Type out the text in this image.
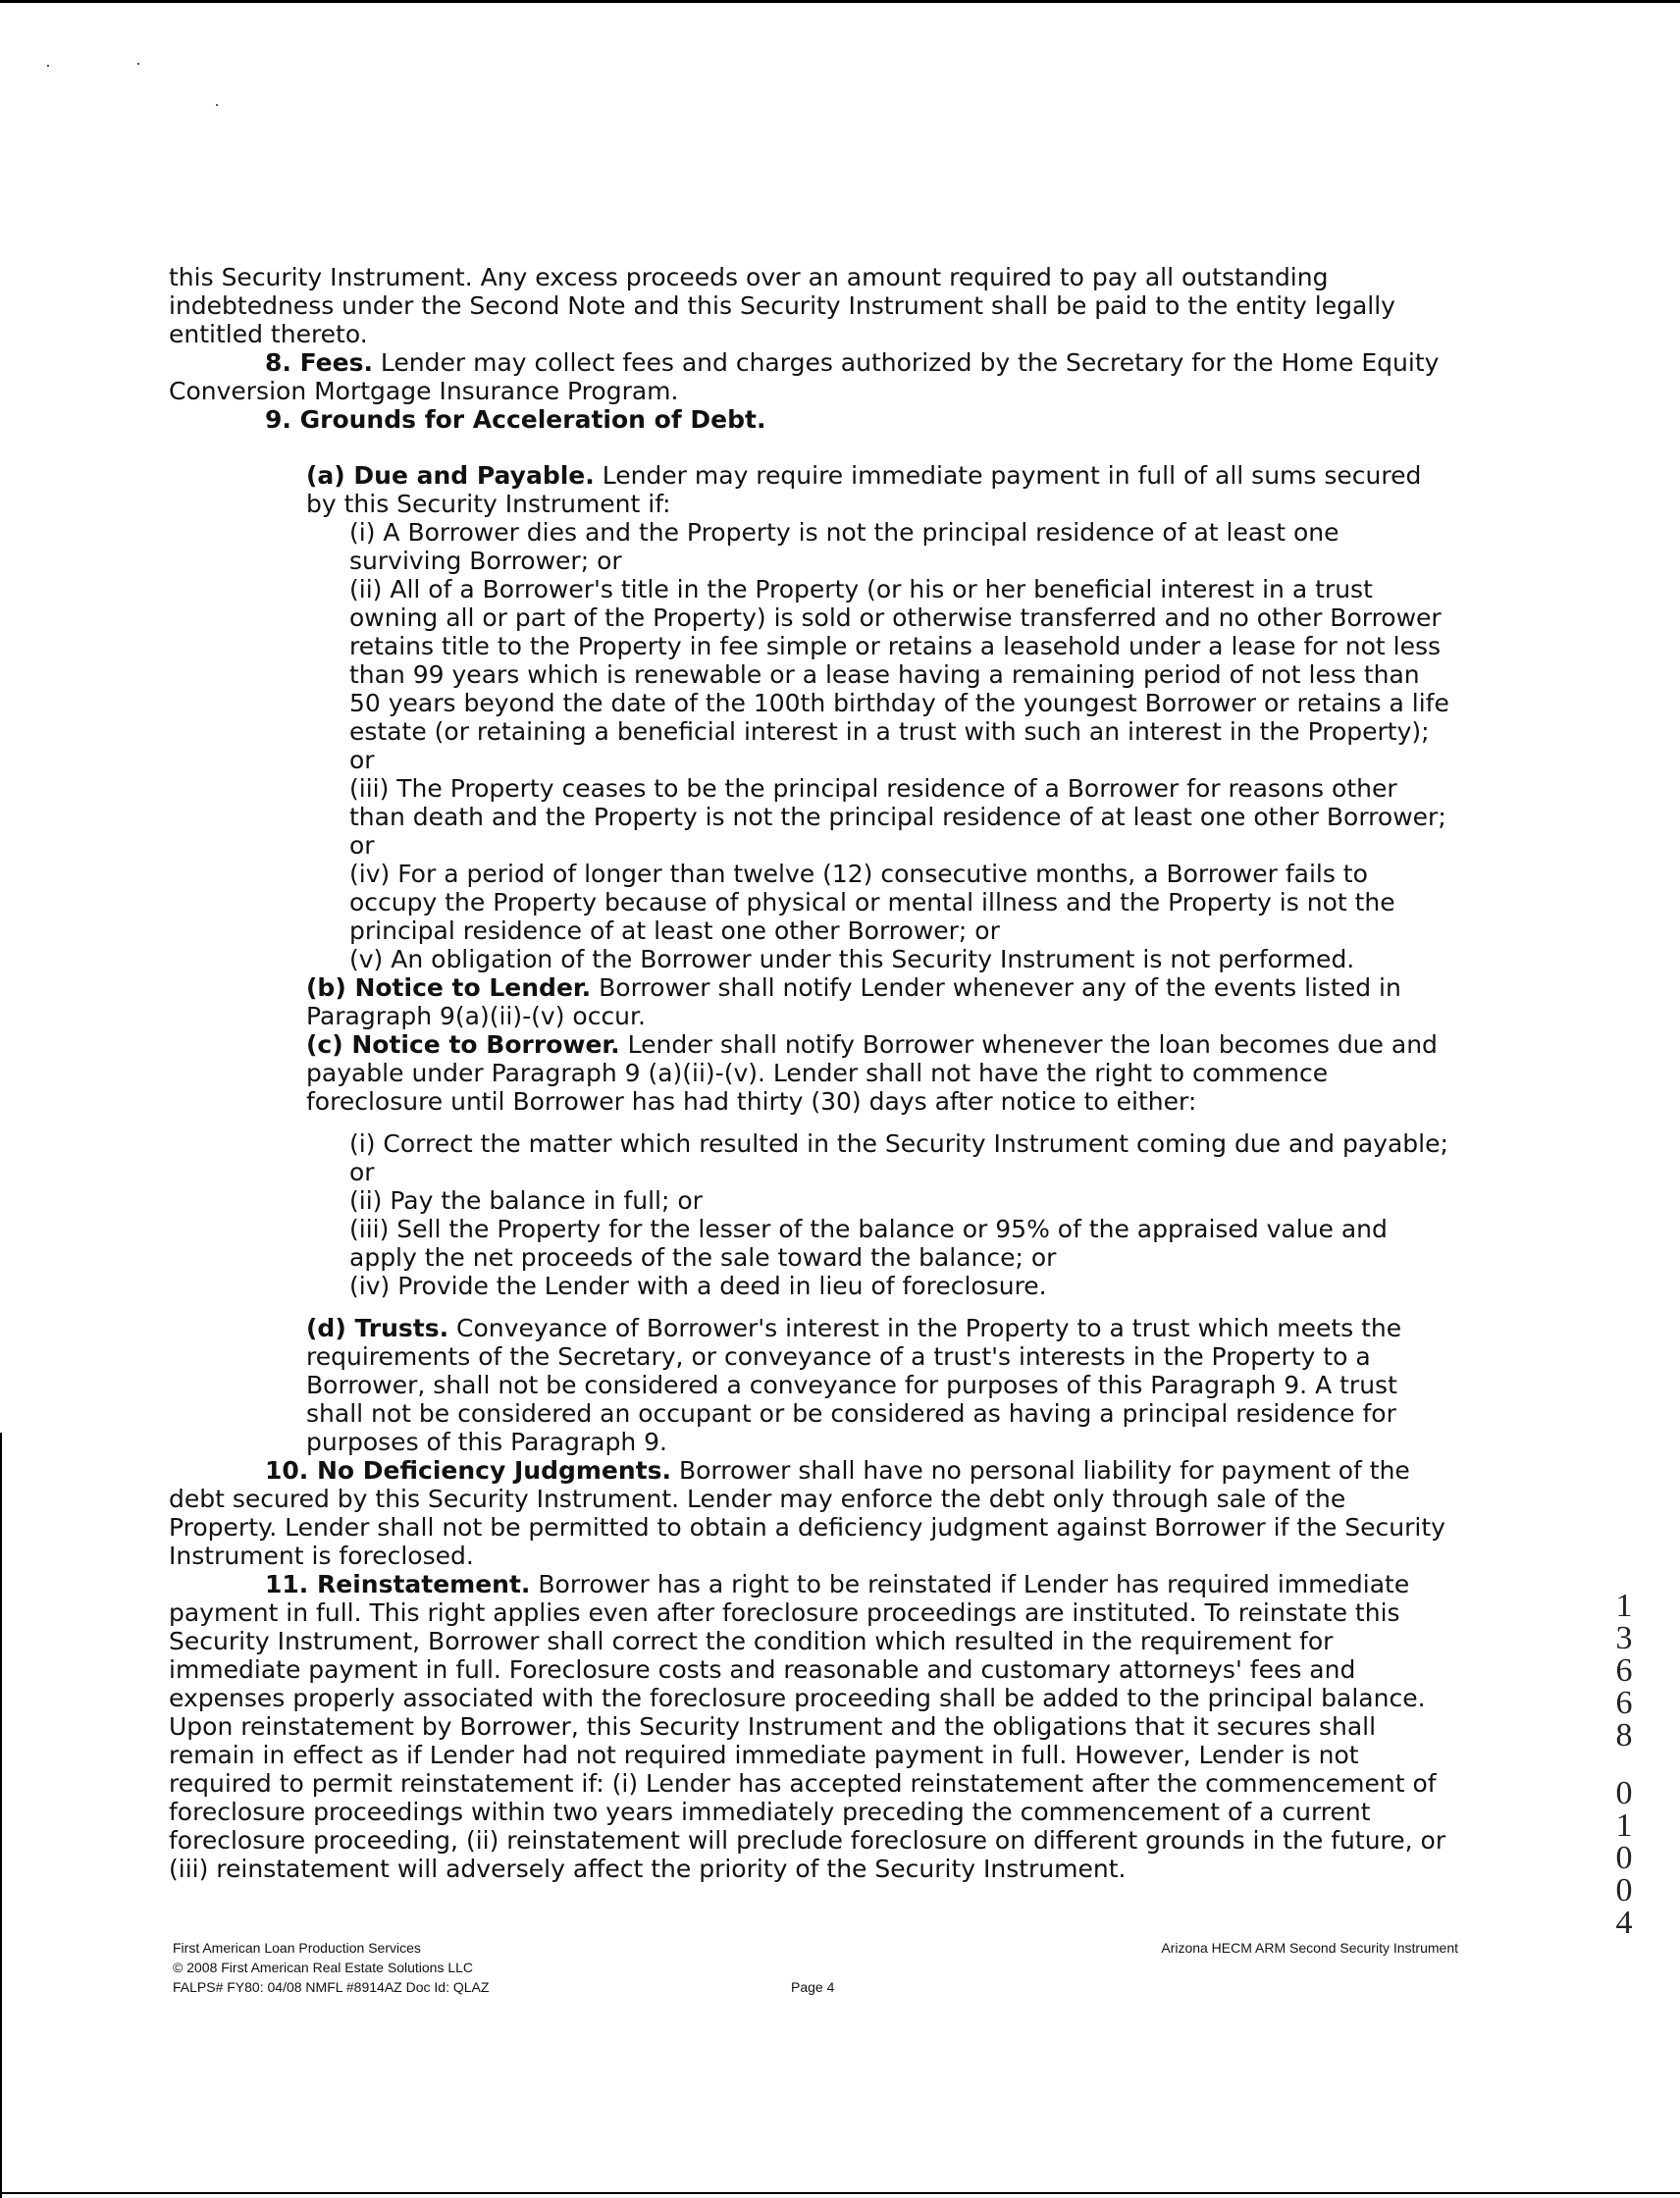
this Security Instrument. Any excess proceeds over an amount required to pay all outstanding indebtedness under the Second Note and this Security Instrument shall be paid to the entity legally entitled thereto.

8. Fees. Lender may collect fees and charges authorized by the Secretary for the Home Equity Conversion Mortgage Insurance Program.

9. Grounds for Acceleration of Debt.

(a) Due and Payable. Lender may require immediate payment in full of all sums secured by this Security Instrument if:

(i) A Borrower dies and the Property is not the principal residence of at least one surviving Borrower; or

(ii) All of a Borrower's title in the Property (or his or her beneficial interest in a trust owning all or part of the Property) is sold or otherwise transferred and no other Borrower retains title to the Property in fee simple or retains a leasehold under a lease for not less than 99 years which is renewable or a lease having a remaining period of not less than 50 years beyond the date of the 100th birthday of the youngest Borrower or retains a life estate (or retaining a beneficial interest in a trust with such an interest in the Property); or

(iii) The Property ceases to be the principal residence of a Borrower for reasons other than death and the Property is not the principal residence of at least one other Borrower; or

(iv) For a period of longer than twelve (12) consecutive months, a Borrower fails to occupy the Property because of physical or mental illness and the Property is not the principal residence of at least one other Borrower; or

(v) An obligation of the Borrower under this Security Instrument is not performed.

(b) Notice to Lender. Borrower shall notify Lender whenever any of the events listed in Paragraph 9(a)(ii)-(v) occur.

(c) Notice to Borrower. Lender shall notify Borrower whenever the loan becomes due and payable under Paragraph 9 (a)(ii)-(v). Lender shall not have the right to commence foreclosure until Borrower has had thirty (30) days after notice to either:

(i) Correct the matter which resulted in the Security Instrument coming due and payable; or

(ii) Pay the balance in full; or

(iii) Sell the Property for the lesser of the balance or 95% of the appraised value and apply the net proceeds of the sale toward the balance; or

(iv) Provide the Lender with a deed in lieu of foreclosure.

(d) Trusts. Conveyance of Borrower's interest in the Property to a trust which meets the requirements of the Secretary, or conveyance of a trust's interests in the Property to a Borrower, shall not be considered a conveyance for purposes of this Paragraph 9. A trust shall not be considered an occupant or be considered as having a principal residence for purposes of this Paragraph 9.

10. No Deficiency Judgments. Borrower shall have no personal liability for payment of the debt secured by this Security Instrument. Lender may enforce the debt only through sale of the Property. Lender shall not be permitted to obtain a deficiency judgment against Borrower if the Security Instrument is foreclosed.

11. Reinstatement. Borrower has a right to be reinstated if Lender has required immediate payment in full. This right applies even after foreclosure proceedings are instituted. To reinstate this Security Instrument, Borrower shall correct the condition which resulted in the requirement for immediate payment in full. Foreclosure costs and reasonable and customary attorneys' fees and expenses properly associated with the foreclosure proceeding shall be added to the principal balance. Upon reinstatement by Borrower, this Security Instrument and the obligations that it secures shall remain in effect as if Lender had not required immediate payment in full. However, Lender is not required to permit reinstatement if: (i) Lender has accepted reinstatement after the commencement of foreclosure proceedings within two years immediately preceding the commencement of a current foreclosure proceeding, (ii) reinstatement will preclude foreclosure on different grounds in the future, or (iii) reinstatement will adversely affect the priority of the Security Instrument.

First American Loan Production Services
© 2008 First American Real Estate Solutions LLC
FALPS# FY80: 04/08 NMFL #8914AZ Doc Id: QLAZ
Arizona HECM ARM Second Security Instrument
Page 4
1
3
6
6
8
0
1
0
0
4
